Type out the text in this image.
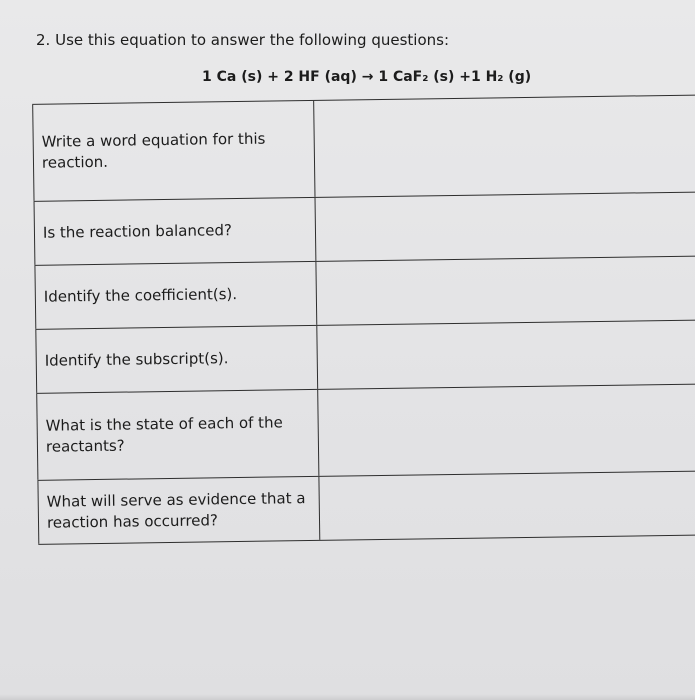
2. Use this equation to answer the following questions:
1 Ca (s) + 2 HF (aq) → 1 CaF₂ (s) +1 H₂ (g)
Write a word equation for this reaction.
Is the reaction balanced?
Identify the coefficient(s).
Identify the subscript(s).
What is the state of each of the reactants?
What will serve as evidence that a reaction has occurred?
